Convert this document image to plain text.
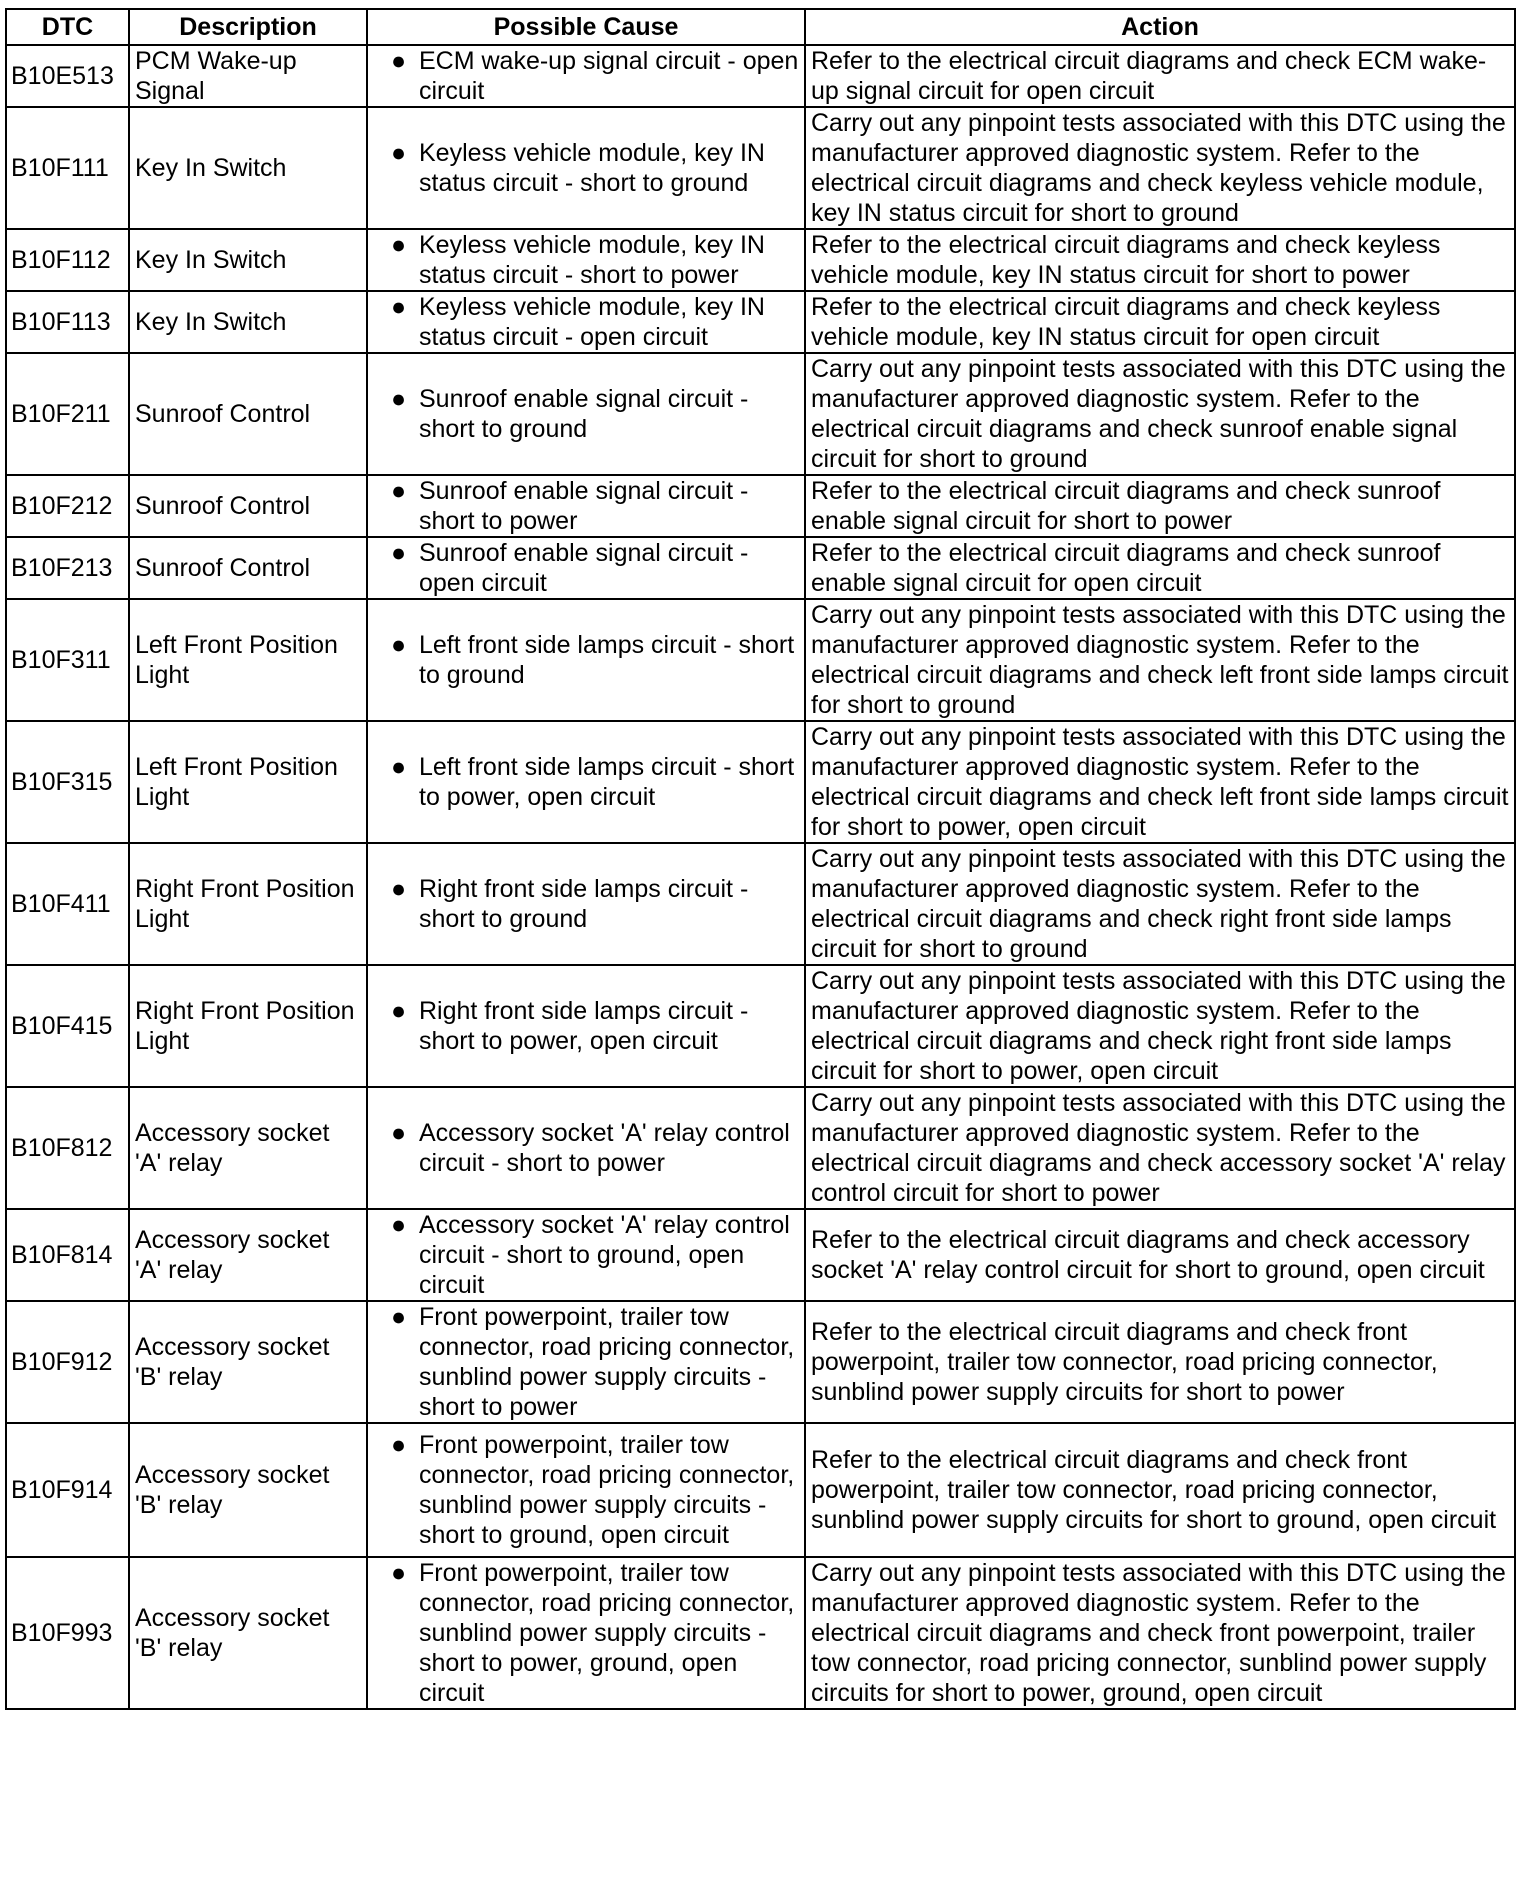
DTC	Description	Possible Cause	Action
B10E513	PCM Wake-up Signal	● ECM wake-up signal circuit - open circuit	Refer to the electrical circuit diagrams and check ECM wake-up signal circuit for open circuit
B10F111	Key In Switch	● Keyless vehicle module, key IN status circuit - short to ground	Carry out any pinpoint tests associated with this DTC using the manufacturer approved diagnostic system. Refer to the electrical circuit diagrams and check keyless vehicle module, key IN status circuit for short to ground
B10F112	Key In Switch	● Keyless vehicle module, key IN status circuit - short to power	Refer to the electrical circuit diagrams and check keyless vehicle module, key IN status circuit for short to power
B10F113	Key In Switch	● Keyless vehicle module, key IN status circuit - open circuit	Refer to the electrical circuit diagrams and check keyless vehicle module, key IN status circuit for open circuit
B10F211	Sunroof Control	● Sunroof enable signal circuit - short to ground	Carry out any pinpoint tests associated with this DTC using the manufacturer approved diagnostic system. Refer to the electrical circuit diagrams and check sunroof enable signal circuit for short to ground
B10F212	Sunroof Control	● Sunroof enable signal circuit - short to power	Refer to the electrical circuit diagrams and check sunroof enable signal circuit for short to power
B10F213	Sunroof Control	● Sunroof enable signal circuit - open circuit	Refer to the electrical circuit diagrams and check sunroof enable signal circuit for open circuit
B10F311	Left Front Position Light	● Left front side lamps circuit - short to ground	Carry out any pinpoint tests associated with this DTC using the manufacturer approved diagnostic system. Refer to the electrical circuit diagrams and check left front side lamps circuit for short to ground
B10F315	Left Front Position Light	● Left front side lamps circuit - short to power, open circuit	Carry out any pinpoint tests associated with this DTC using the manufacturer approved diagnostic system. Refer to the electrical circuit diagrams and check left front side lamps circuit for short to power, open circuit
B10F411	Right Front Position Light	● Right front side lamps circuit - short to ground	Carry out any pinpoint tests associated with this DTC using the manufacturer approved diagnostic system. Refer to the electrical circuit diagrams and check right front side lamps circuit for short to ground
B10F415	Right Front Position Light	● Right front side lamps circuit - short to power, open circuit	Carry out any pinpoint tests associated with this DTC using the manufacturer approved diagnostic system. Refer to the electrical circuit diagrams and check right front side lamps circuit for short to power, open circuit
B10F812	Accessory socket 'A' relay	● Accessory socket 'A' relay control circuit - short to power	Carry out any pinpoint tests associated with this DTC using the manufacturer approved diagnostic system. Refer to the electrical circuit diagrams and check accessory socket 'A' relay control circuit for short to power
B10F814	Accessory socket 'A' relay	● Accessory socket 'A' relay control circuit - short to ground, open circuit	Refer to the electrical circuit diagrams and check accessory socket 'A' relay control circuit for short to ground, open circuit
B10F912	Accessory socket 'B' relay	● Front powerpoint, trailer tow connector, road pricing connector, sunblind power supply circuits - short to power	Refer to the electrical circuit diagrams and check front powerpoint, trailer tow connector, road pricing connector, sunblind power supply circuits for short to power
B10F914	Accessory socket 'B' relay	● Front powerpoint, trailer tow connector, road pricing connector, sunblind power supply circuits - short to ground, open circuit	Refer to the electrical circuit diagrams and check front powerpoint, trailer tow connector, road pricing connector, sunblind power supply circuits for short to ground, open circuit
B10F993	Accessory socket 'B' relay	● Front powerpoint, trailer tow connector, road pricing connector, sunblind power supply circuits - short to power, ground, open circuit	Carry out any pinpoint tests associated with this DTC using the manufacturer approved diagnostic system. Refer to the electrical circuit diagrams and check front powerpoint, trailer tow connector, road pricing connector, sunblind power supply circuits for short to power, ground, open circuit
